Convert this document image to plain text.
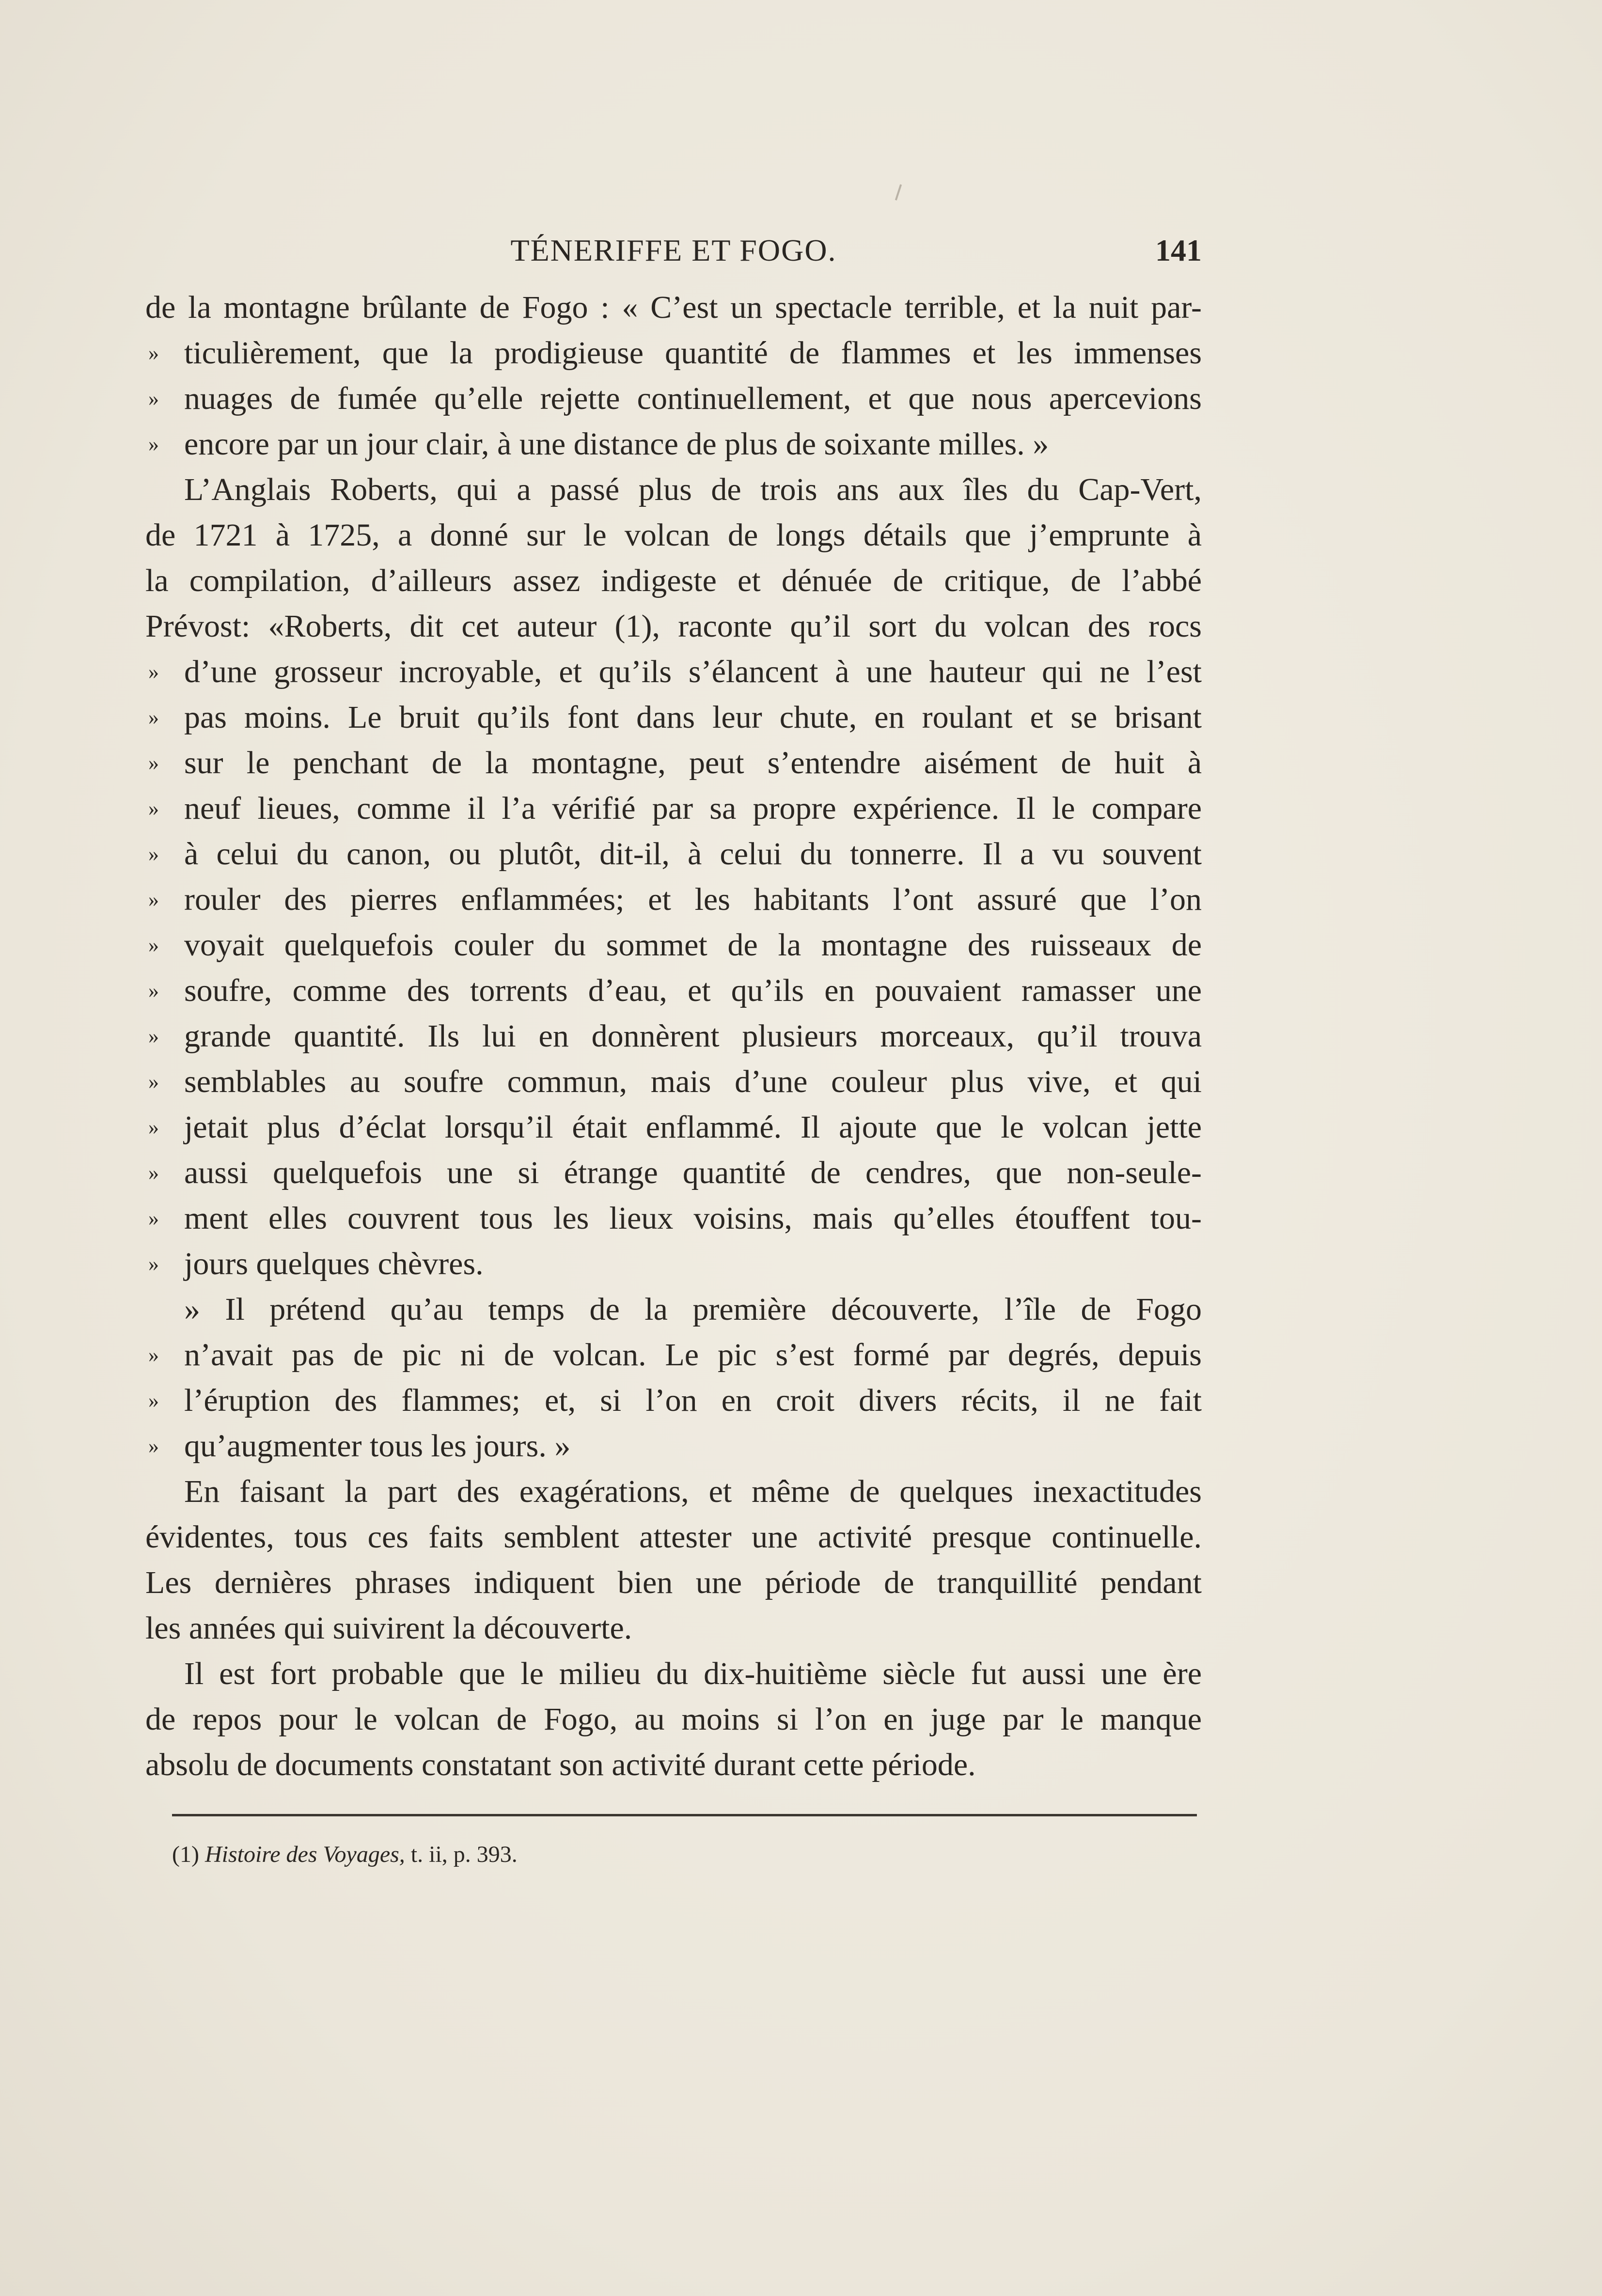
TÉNERIFFE ET FOGO.	141
de la montagne brûlante de Fogo : « C’est un spectacle terrible, et la nuit par-
» ticulièrement, que la prodigieuse quantité de flammes et les immenses
» nuages de fumée qu’elle rejette continuellement, et que nous apercevions
» encore par un jour clair, à une distance de plus de soixante milles. »
L’Anglais Roberts, qui a passé plus de trois ans aux îles du Cap-Vert,
de 1721 à 1725, a donné sur le volcan de longs détails que j’emprunte à
la compilation, d’ailleurs assez indigeste et dénuée de critique, de l’abbé
Prévost: «Roberts, dit cet auteur (1), raconte qu’il sort du volcan des rocs
» d’une grosseur incroyable, et qu’ils s’élancent à une hauteur qui ne l’est
» pas moins. Le bruit qu’ils font dans leur chute, en roulant et se brisant
» sur le penchant de la montagne, peut s’entendre aisément de huit à
» neuf lieues, comme il l’a vérifié par sa propre expérience. Il le compare
» à celui du canon, ou plutôt, dit-il, à celui du tonnerre. Il a vu souvent
» rouler des pierres enflammées; et les habitants l’ont assuré que l’on
» voyait quelquefois couler du sommet de la montagne des ruisseaux de
» soufre, comme des torrents d’eau, et qu’ils en pouvaient ramasser une
» grande quantité. Ils lui en donnèrent plusieurs morceaux, qu’il trouva
» semblables au soufre commun, mais d’une couleur plus vive, et qui
» jetait plus d’éclat lorsqu’il était enflammé. Il ajoute que le volcan jette
» aussi quelquefois une si étrange quantité de cendres, que non-seule-
» ment elles couvrent tous les lieux voisins, mais qu’elles étouffent tou-
» jours quelques chèvres.
» Il prétend qu’au temps de la première découverte, l’île de Fogo
» n’avait pas de pic ni de volcan. Le pic s’est formé par degrés, depuis
» l’éruption des flammes; et, si l’on en croit divers récits, il ne fait
» qu’augmenter tous les jours. »
En faisant la part des exagérations, et même de quelques inexactitudes
évidentes, tous ces faits semblent attester une activité presque continuelle.
Les dernières phrases indiquent bien une période de tranquillité pendant
les années qui suivirent la découverte.
Il est fort probable que le milieu du dix-huitième siècle fut aussi une ère
de repos pour le volcan de Fogo, au moins si l’on en juge par le manque
absolu de documents constatant son activité durant cette période.
(1) Histoire des Voyages, t. ii, p. 393.
